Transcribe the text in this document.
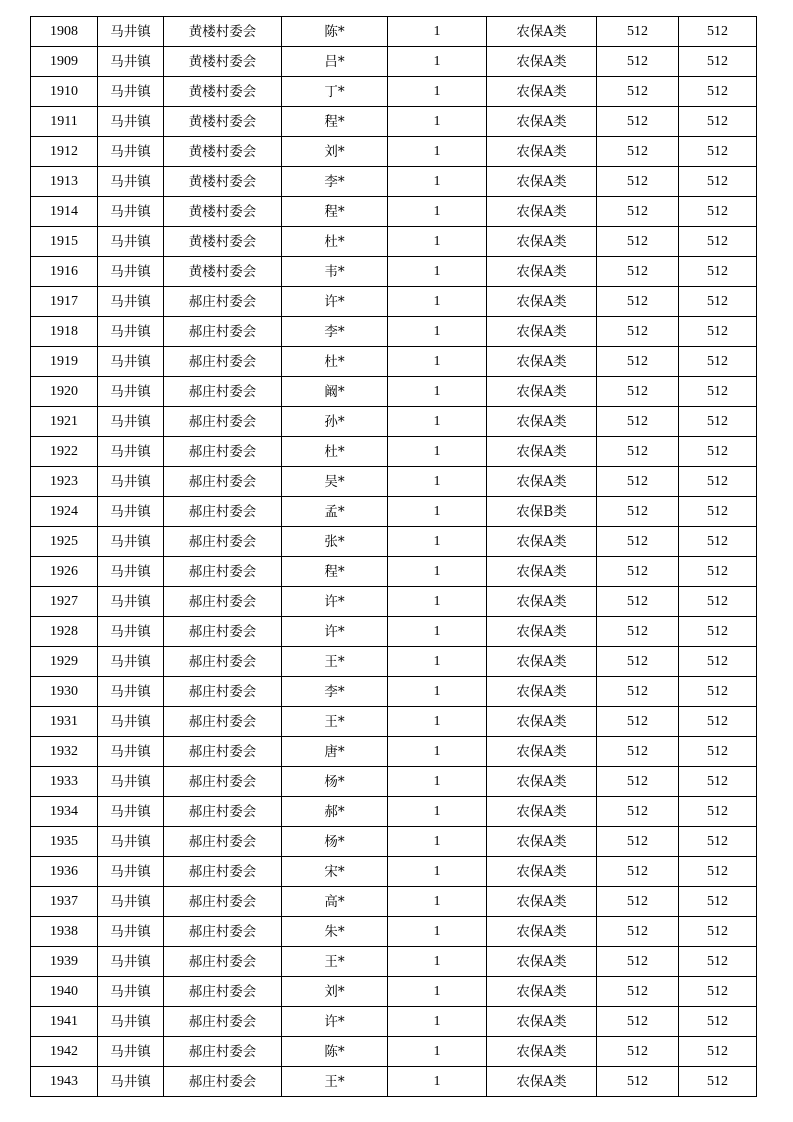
1908	马井镇	黄楼村委会	陈*	1	农保A类	512	512
1909	马井镇	黄楼村委会	吕*	1	农保A类	512	512
1910	马井镇	黄楼村委会	丁*	1	农保A类	512	512
1911	马井镇	黄楼村委会	程*	1	农保A类	512	512
1912	马井镇	黄楼村委会	刘*	1	农保A类	512	512
1913	马井镇	黄楼村委会	李*	1	农保A类	512	512
1914	马井镇	黄楼村委会	程*	1	农保A类	512	512
1915	马井镇	黄楼村委会	杜*	1	农保A类	512	512
1916	马井镇	黄楼村委会	韦*	1	农保A类	512	512
1917	马井镇	郝庄村委会	许*	1	农保A类	512	512
1918	马井镇	郝庄村委会	李*	1	农保A类	512	512
1919	马井镇	郝庄村委会	杜*	1	农保A类	512	512
1920	马井镇	郝庄村委会	阚*	1	农保A类	512	512
1921	马井镇	郝庄村委会	孙*	1	农保A类	512	512
1922	马井镇	郝庄村委会	杜*	1	农保A类	512	512
1923	马井镇	郝庄村委会	吴*	1	农保A类	512	512
1924	马井镇	郝庄村委会	孟*	1	农保B类	512	512
1925	马井镇	郝庄村委会	张*	1	农保A类	512	512
1926	马井镇	郝庄村委会	程*	1	农保A类	512	512
1927	马井镇	郝庄村委会	许*	1	农保A类	512	512
1928	马井镇	郝庄村委会	许*	1	农保A类	512	512
1929	马井镇	郝庄村委会	王*	1	农保A类	512	512
1930	马井镇	郝庄村委会	李*	1	农保A类	512	512
1931	马井镇	郝庄村委会	王*	1	农保A类	512	512
1932	马井镇	郝庄村委会	唐*	1	农保A类	512	512
1933	马井镇	郝庄村委会	杨*	1	农保A类	512	512
1934	马井镇	郝庄村委会	郝*	1	农保A类	512	512
1935	马井镇	郝庄村委会	杨*	1	农保A类	512	512
1936	马井镇	郝庄村委会	宋*	1	农保A类	512	512
1937	马井镇	郝庄村委会	高*	1	农保A类	512	512
1938	马井镇	郝庄村委会	朱*	1	农保A类	512	512
1939	马井镇	郝庄村委会	王*	1	农保A类	512	512
1940	马井镇	郝庄村委会	刘*	1	农保A类	512	512
1941	马井镇	郝庄村委会	许*	1	农保A类	512	512
1942	马井镇	郝庄村委会	陈*	1	农保A类	512	512
1943	马井镇	郝庄村委会	王*	1	农保A类	512	512
